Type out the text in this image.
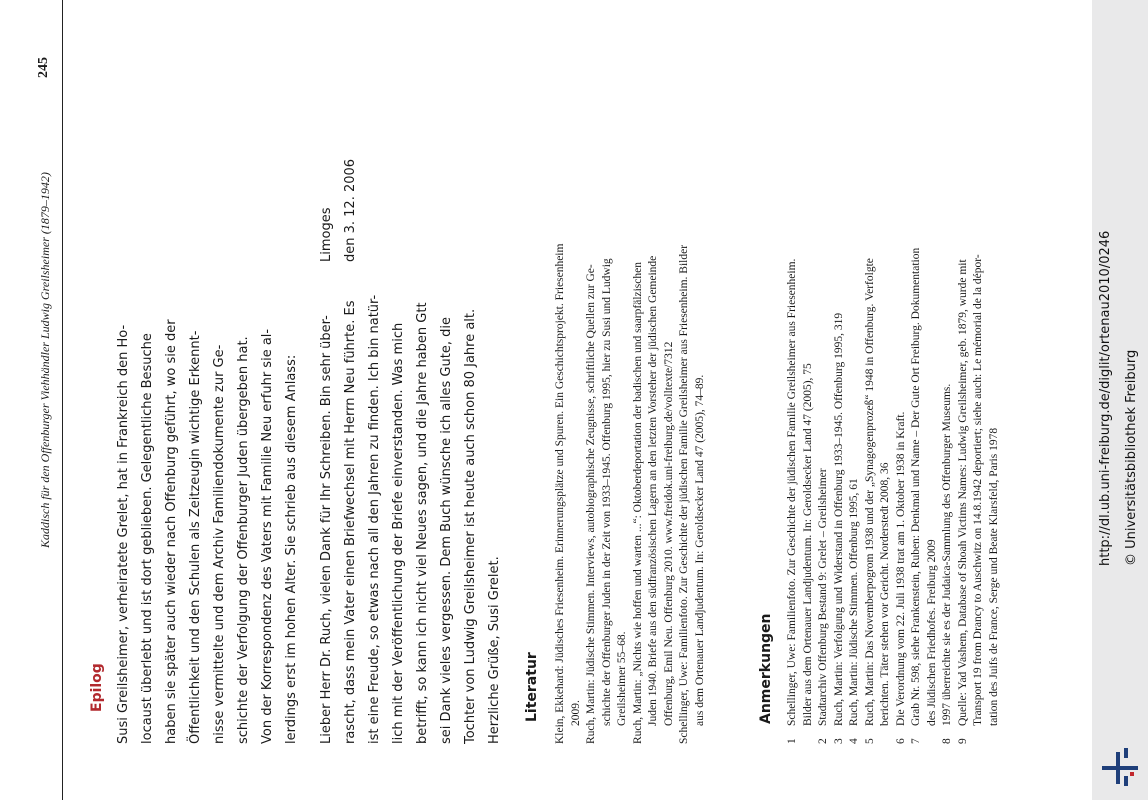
Kaddisch für den Offenburger Viehhändler Ludwig Greilsheimer (1879–1942)
245
Epilog Susi Greilsheimer, verheiratete Grelet, hat in Frankreich den Ho- locaust überlebt und ist dort geblieben. Gelegentliche Besuche haben sie später auch wieder nach Offenburg geführt, wo sie der Öffentlichkeit und den Schulen als Zeitzeugin wichtige Erkennt- nisse vermittelte und dem Archiv Familiendokumente zur Ge- schichte der Verfolgung der Offenburger Juden übergeben hat. Von der Korrespondenz des Vaters mit Familie Neu erfuhr sie al- lerdings erst im hohen Alter. Sie schrieb aus diesem Anlass:	Lieber Herr Dr. Ruch, vielen Dank für Ihr Schreiben. Bin sehr über- rascht, dass mein Vater einen Briefwechsel mit Herrn Neu führte. Es ist eine Freude, so etwas nach all den Jahren zu finden. Ich bin natür- lich mit der Veröffentlichung der Briefe einverstanden. Was mich betrifft, so kann ich nicht viel Neues sagen, und die Jahre haben Gtt sei Dank vieles vergessen. Dem Buch wünsche ich alles Gute, die Tochter von Ludwig Greilsheimer ist heute auch schon 80 Jahre alt. Herzliche Grüße, Susi Grelet.
Limoges den 3. 12. 2006
Literatur Klein, Ekkehard: Jüdisches Friesenheim. Erinnerungsplätze und Spuren. Ein Geschichtsprojekt. Friesenheim 2009. Ruch, Martin: Jüdische Stimmen. Interviews, autobiographische Zeugnisse, schriftliche Quellen zur Ge- schichte der Offenburger Juden in der Zeit von 1933–1945. Offenburg 1995, hier zu Susi und Ludwig Greilsheimer 55–68. Ruch, Martin: „Nichts wie hoffen und warten ...“: Oktoberdeportation der badischen und saarpfälzischen Juden 1940. Briefe aus den südfranzösischen Lagern an den letzten Vorsteher der jüdischen Gemeinde Offenburg, Emil Neu. Offenburg 2010. www.freidok.uni-freiburg.de/volltexte/7312 Schellinger, Uwe: Familienfoto. Zur Geschichte der jüdischen Familie Greilsheimer aus Friesenheim. Bilder aus dem Ortenauer Landjudentum. In: Geroldsecker Land 47 (2005), 74–89.	Anmerkungen
1Schellinger, Uwe: Familienfoto. Zur Geschichte der jüdischen Familie Greilsheimer aus Friesenheim. Bilder aus dem Ortenauer Landjudentum. In: Geroldsecker Land 47 (2005), 75
2Stadtarchiv Offenburg Bestand 9: Grelet – Greilsheimer
3Ruch, Martin: Verfolgung und Widerstand in Offenburg 1933–1945. Offenburg 1995, 319
4Ruch, Martin: Jüdische Stimmen. Offenburg 1995, 61
5Ruch, Martin: Das Novemberpogrom 1938 und der „Synagogenprozeß“ 1948 in Offenburg. Verfolgte berichten. Täter stehen vor Gericht. Norderstedt 2008, 36
6Die Verordnung vom 22. Juli 1938 trat am 1. Oktober 1938 in Kraft.
7Grab Nr. 598, siehe Frankenstein, Ruben: Denkmal und Name – Der Gute Ort Freiburg. Dokumentation des Jüdischen Friedhofes. Freiburg 2009
81997 überreichte sie es der Judaica-Sammlung des Offenburger Museums.
9Quelle: Yad Vashem, Database of Shoah Victims Names: Ludwig Greilsheimer, geb. 1879, wurde mit Transport 19 from Drancy to Auschwitz on 14.8.1942 deportiert; siehe auch: Le mémorial de la dépor- tation des Juifs de France, Serge und Beate Klarsfeld, Paris 1978
http://dl.ub.uni-freiburg.de/diglit/ortenau2010/0246 © Universitätsbibliothek Freiburg
